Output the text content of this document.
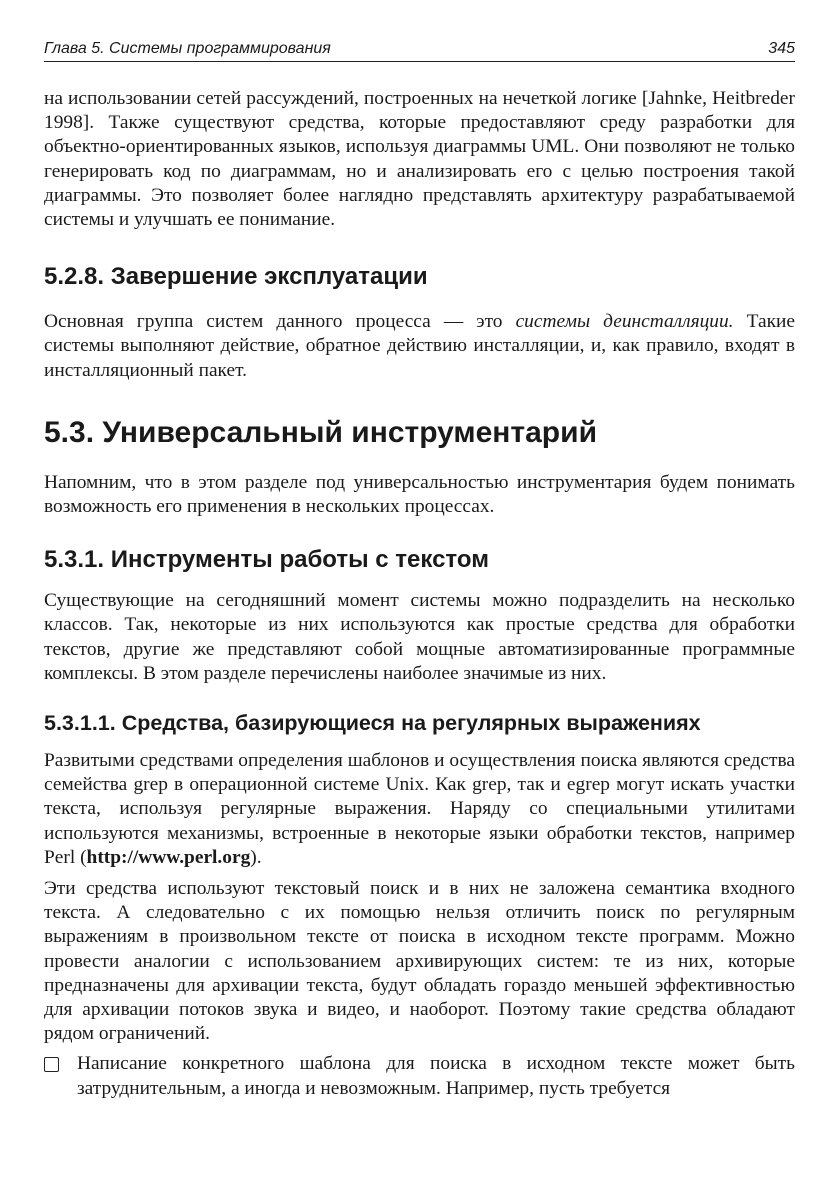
Глава 5. Системы программирования	345

на использовании сетей рассуждений, построенных на нечеткой логике [Jahnke, Heitbreder 1998]. Также существуют средства, которые предоставляют среду разработки для объектно-ориентированных языков, используя диаграммы UML. Они позволяют не только генерировать код по диаграммам, но и анализировать его с целью построения такой диаграммы. Это позволяет более наглядно представлять архитектуру разрабатываемой системы и улучшать ее понимание.

5.2.8. Завершение эксплуатации

Основная группа систем данного процесса — это системы деинсталляции. Такие системы выполняют действие, обратное действию инсталляции, и, как правило, входят в инсталляционный пакет.

5.3. Универсальный инструментарий

Напомним, что в этом разделе под универсальностью инструментария будем понимать возможность его применения в нескольких процессах.

5.3.1. Инструменты работы с текстом

Существующие на сегодняшний момент системы можно подразделить на несколько классов. Так, некоторые из них используются как простые средства для обработки текстов, другие же представляют собой мощные автоматизированные программные комплексы. В этом разделе перечислены наиболее значимые из них.

5.3.1.1. Средства, базирующиеся на регулярных выражениях

Развитыми средствами определения шаблонов и осуществления поиска являются средства семейства grep в операционной системе Unix. Как grep, так и egrep могут искать участки текста, используя регулярные выражения. Наряду со специальными утилитами используются механизмы, встроенные в некоторые языки обработки текстов, например Perl (http://www.perl.org).

Эти средства используют текстовый поиск и в них не заложена семантика входного текста. А следовательно с их помощью нельзя отличить поиск по регулярным выражениям в произвольном тексте от поиска в исходном тексте программ. Можно провести аналогии с использованием архивирующих систем: те из них, которые предназначены для архивации текста, будут обладать гораздо меньшей эффективностью для архивации потоков звука и видео, и наоборот. Поэтому такие средства обладают рядом ограничений.

Написание конкретного шаблона для поиска в исходном тексте может быть затруднительным, а иногда и невозможным. Например, пусть требуется
